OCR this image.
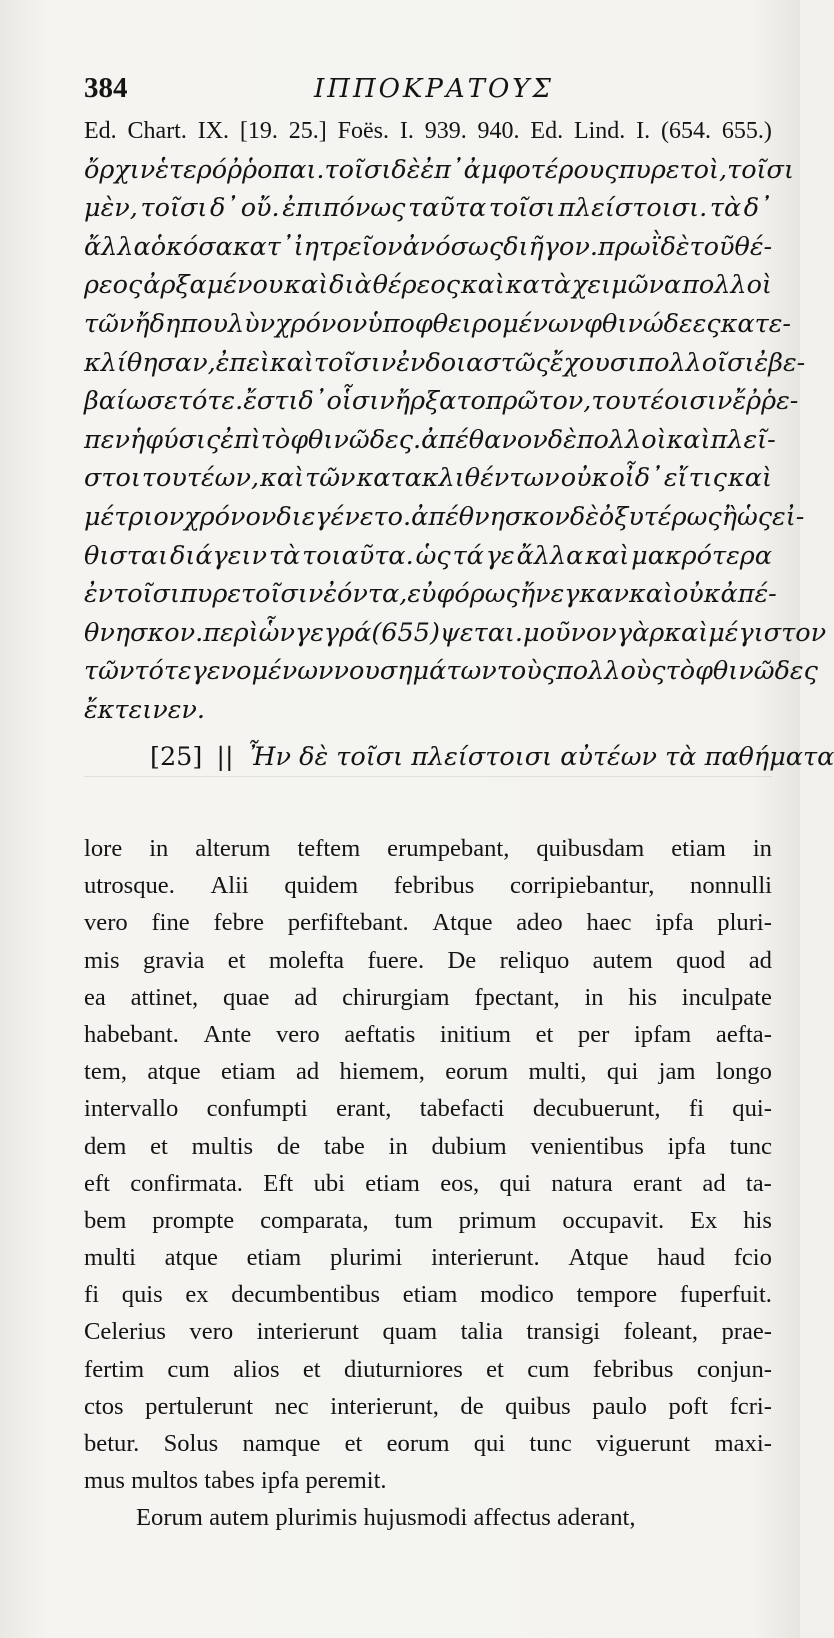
384	ΙΠΠΟΚΡΑΤΟΥΣ
Ed. Chart. IX. [19. 25.] Foës. I. 939. 940. Ed. Lind. I. (654. 655.)
ὄρχιν ἑτερόῤῥοπαι. τοῖσι δὲ ἐπ᾽ ἀμφοτέρους πυρετοὶ, τοῖσι
μὲν, τοῖσι δ᾽ οὔ. ἐπιπόνως ταῦτα τοῖσι πλείστοισι. τὰ δ᾽
ἄλλα ὁκόσα κατ᾽ ἰητρεῖον ἀνόσως διῆγον. πρωῒ δὲ τοῦ θέ-
ρεος ἀρξαμένου καὶ διὰ θέρεος καὶ κατὰ χειμῶνα πολλοὶ
τῶν ἤδη πουλὺν χρόνον ὑποφθειρομένων φθινώδεες κατε-
κλίθησαν, ἐπεὶ καὶ τοῖσιν ἐνδοιαστῶς ἔχουσι πολλοῖσι ἐβε-
βαίωσε τότε. ἔστι δ᾽ οἷσιν ἤρξατο πρῶτον, τουτέοισιν ἔῤῥε-
πεν ἡ φύσις ἐπὶ τὸ φθινῶδες. ἀπέθανον δὲ πολλοὶ καὶ πλεῖ-
στοι τουτέων, καὶ τῶν κατακλιθέντων οὐκ οἶδ᾽ εἴ τις καὶ
μέτριον χρόνον διεγένετο. ἀπέθνησκον δὲ ὀξυτέρως ἢ ὡς εἰ-
θισται διάγειν τὰ τοιαῦτα. ὡς τά γε ἄλλα καὶ μακρότερα
ἐν τοῖσι πυρετοῖσιν ἐόντα, εὐφόρως ἤνεγκαν καὶ οὐκ ἀπέ-
θνησκον. περὶ ὧν γεγρά(655)ψεται. μοῦνον γὰρ καὶ μέγιστον
τῶν τότε γενομένων νουσημάτων τοὺς πολλοὺς τὸ φθινῶδες
ἔκτεινεν.
[25] || Ἦν δὲ τοῖσι πλείστοισι αὐτέων τὰ παθήματα
lore in alterum teftem erumpebant, quibusdam etiam in
utrosque. Alii quidem febribus corripiebantur, nonnulli
vero fine febre perfiftebant. Atque adeo haec ipfa pluri-
mis gravia et molefta fuere. De reliquo autem quod ad
ea attinet, quae ad chirurgiam fpectant, in his inculpate
habebant. Ante vero aeftatis initium et per ipfam aefta-
tem, atque etiam ad hiemem, eorum multi, qui jam longo
intervallo confumpti erant, tabefacti decubuerunt, fi qui-
dem et multis de tabe in dubium venientibus ipfa tunc
eft confirmata. Eft ubi etiam eos, qui natura erant ad ta-
bem prompte comparata, tum primum occupavit. Ex his
multi atque etiam plurimi interierunt. Atque haud fcio
fi quis ex decumbentibus etiam modico tempore fuperfuit.
Celerius vero interierunt quam talia transigi foleant, prae-
fertim cum alios et diuturniores et cum febribus conjun-
ctos pertulerunt nec interierunt, de quibus paulo poft fcri-
betur. Solus namque et eorum qui tunc viguerunt maxi-
mus multos tabes ipfa peremit.
Eorum autem plurimis hujusmodi affectus aderant,
